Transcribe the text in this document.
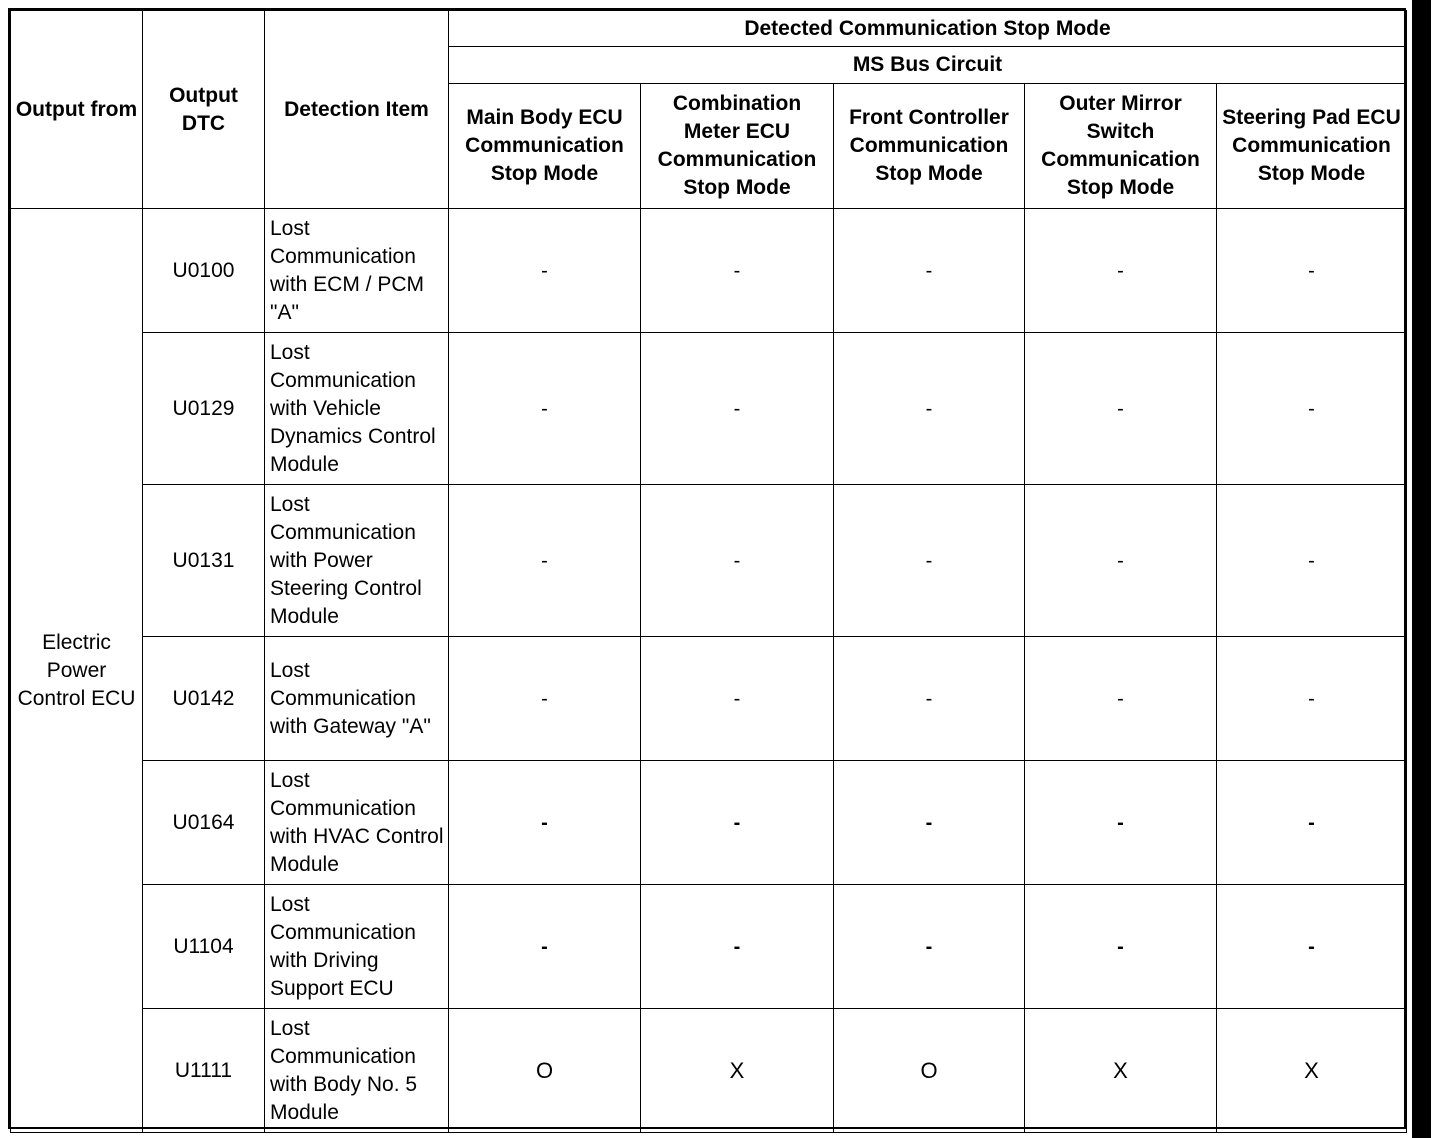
Output from	Output DTC	Detection Item	Detected Communication Stop Mode				
			MS Bus Circuit				
			Main Body ECU Communication Stop Mode	Combination Meter ECU Communication Stop Mode	Front Controller Communication Stop Mode	Outer Mirror Switch Communication Stop Mode	Steering Pad ECU Communication Stop Mode
Electric Power Control ECU	U0100	Lost Communication with ECM / PCM "A"	-	-	-	-	-
	U0129	Lost Communication with Vehicle Dynamics Control Module	-	-	-	-	-
	U0131	Lost Communication with Power Steering Control Module	-	-	-	-	-
	U0142	Lost Communication with Gateway "A"	-	-	-	-	-
	U0164	Lost Communication with HVAC Control Module	-	-	-	-	-
	U1104	Lost Communication with Driving Support ECU	-	-	-	-	-
	U1111	Lost Communication with Body No. 5 Module	O	X	O	X	X
